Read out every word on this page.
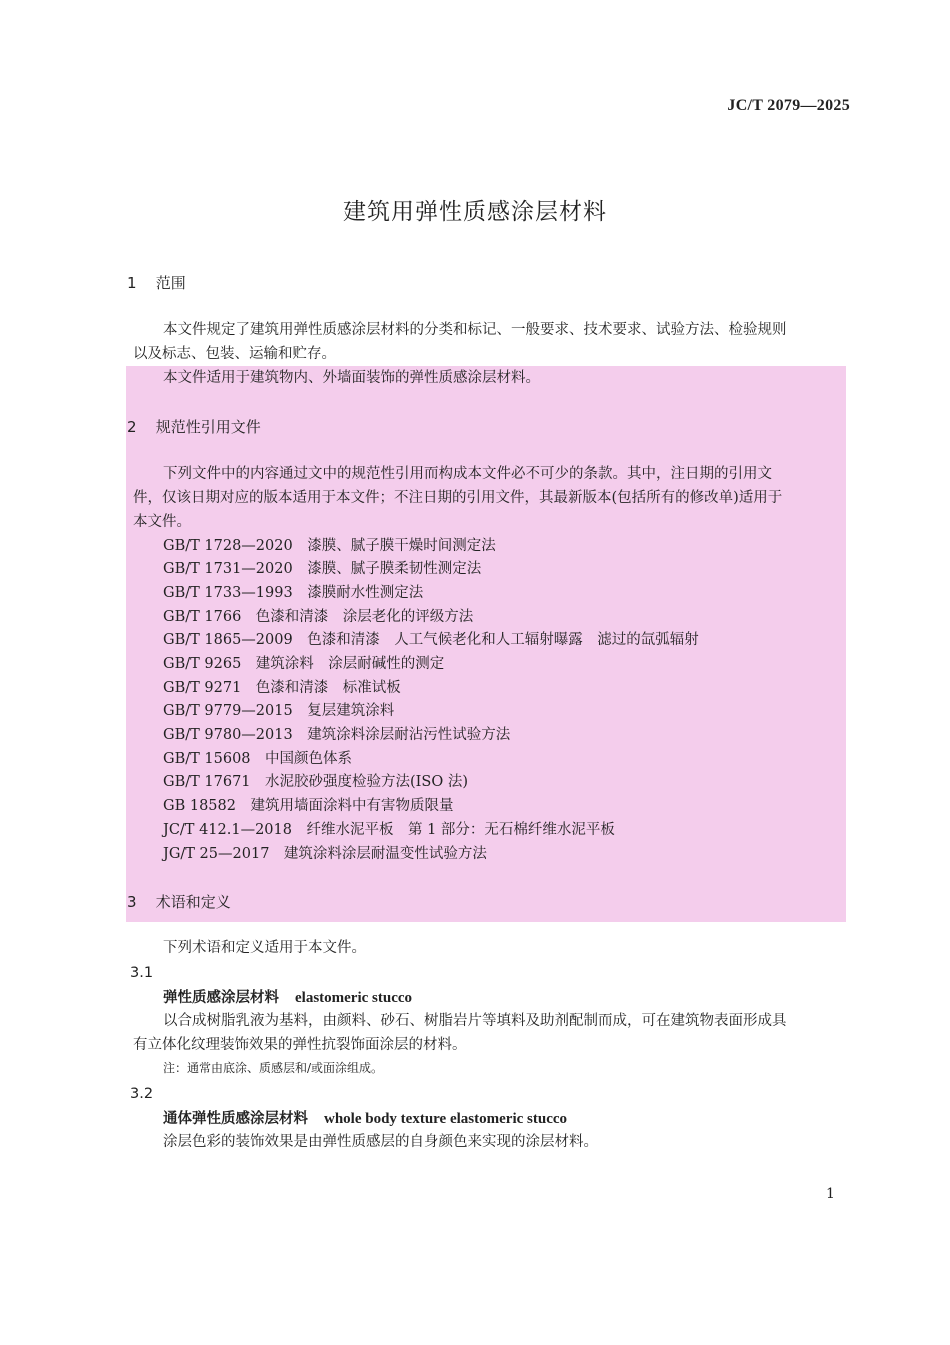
JC/T 2079—2025
建筑用弹性质感涂层材料
1 范围
本文件规定了建筑用弹性质感涂层材料的分类和标记、一般要求、技术要求、试验方法、检验规则
以及标志、包装、运输和贮存。
本文件适用于建筑物内、外墙面装饰的弹性质感涂层材料。
2 规范性引用文件
下列文件中的内容通过文中的规范性引用而构成本文件必不可少的条款。其中，注日期的引用文
件，仅该日期对应的版本适用于本文件；不注日期的引用文件，其最新版本(包括所有的修改单)适用于
本文件。
GB/T 1728—2020　漆膜、腻子膜干燥时间测定法
GB/T 1731—2020　漆膜、腻子膜柔韧性测定法
GB/T 1733—1993　漆膜耐水性测定法
GB/T 1766　色漆和清漆　涂层老化的评级方法
GB/T 1865—2009　色漆和清漆　人工气候老化和人工辐射曝露　滤过的氙弧辐射
GB/T 9265　建筑涂料　涂层耐碱性的测定
GB/T 9271　色漆和清漆　标准试板
GB/T 9779—2015　复层建筑涂料
GB/T 9780—2013　建筑涂料涂层耐沾污性试验方法
GB/T 15608　中国颜色体系
GB/T 17671　水泥胶砂强度检验方法(ISO 法)
GB 18582　建筑用墙面涂料中有害物质限量
JC/T 412.1—2018　纤维水泥平板　第 1 部分：无石棉纤维水泥平板
JG/T 25—2017　建筑涂料涂层耐温变性试验方法
3 术语和定义
下列术语和定义适用于本文件。
3.1
弹性质感涂层材料 elastomeric stucco
以合成树脂乳液为基料，由颜料、砂石、树脂岩片等填料及助剂配制而成，可在建筑物表面形成具
有立体化纹理装饰效果的弹性抗裂饰面涂层的材料。
注：通常由底涂、质感层和/或面涂组成。
3.2
通体弹性质感涂层材料 whole body texture elastomeric stucco
涂层色彩的装饰效果是由弹性质感层的自身颜色来实现的涂层材料。
1
